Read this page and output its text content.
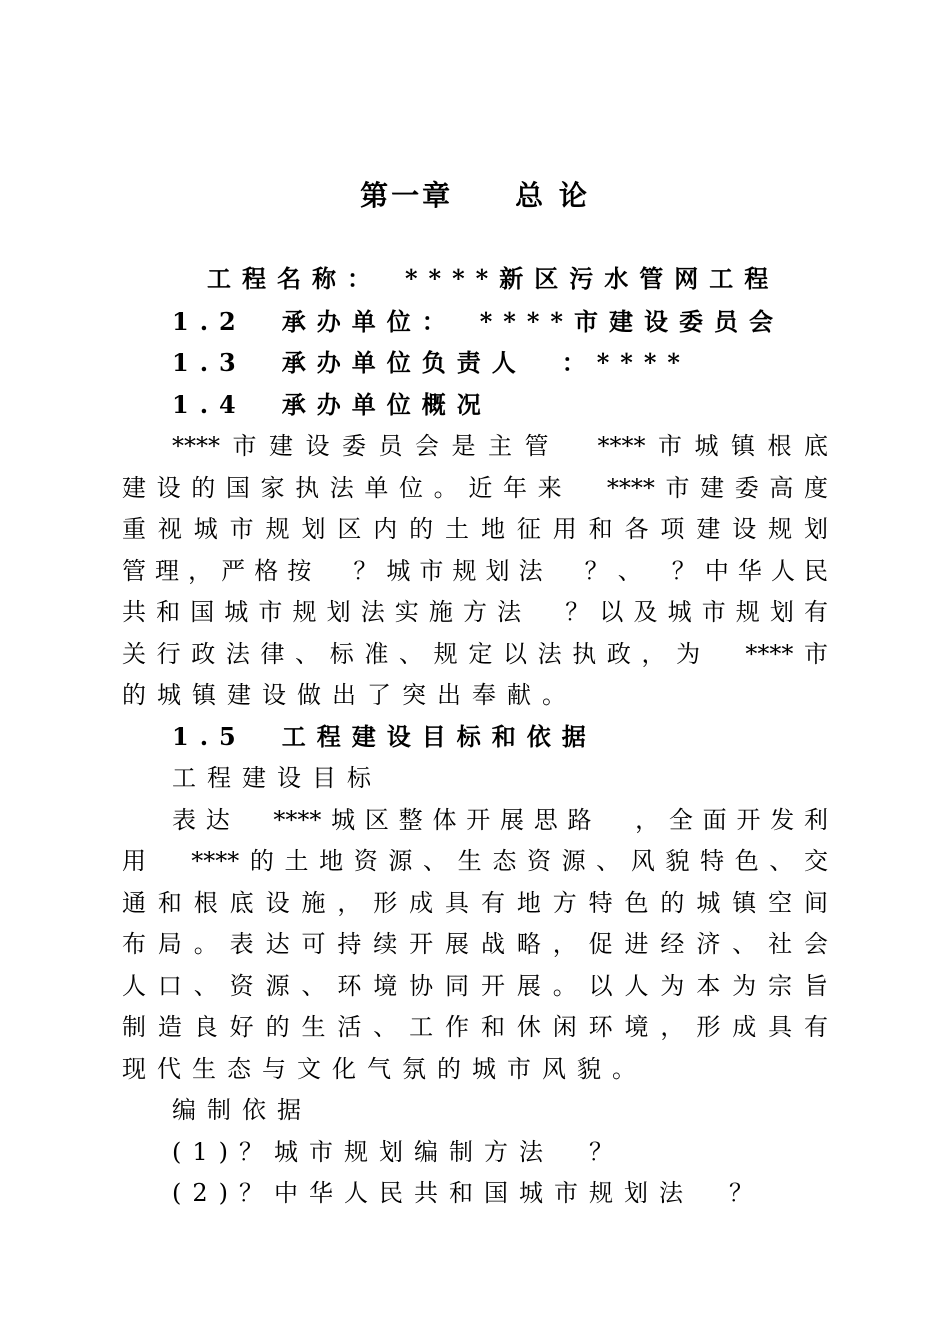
第一章　　总 论
工程名称：　****新区污水管网工程
1.2　承办单位：　****市建设委员会
1.3　承办单位负责人　：****
1.4　承办单位概况
****市建设委员会是主管　****市城镇根底
建设的国家执法单位。近年来　****市建委高度
重视城市规划区内的土地征用和各项建设规划
管理，严格按　？城市规划法　？、　？中华人民
共和国城市规划法实施方法　？以及城市规划有
关行政法律、标准、规定以法执政，为　****市
的城镇建设做出了突出奉献。
1.5　工程建设目标和依据
工程建设目标
表达　****城区整体开展思路　，全面开发利
用　****的土地资源、生态资源、风貌特色、交
通和根底设施，形成具有地方特色的城镇空间
布局。表达可持续开展战略，促进经济、社会
人口、资源、环境协同开展。以人为本为宗旨
制造良好的生活、工作和休闲环境，形成具有
现代生态与文化气氛的城市风貌。
编制依据
(1)？城市规划编制方法　？
(2)？中华人民共和国城市规划法　？
